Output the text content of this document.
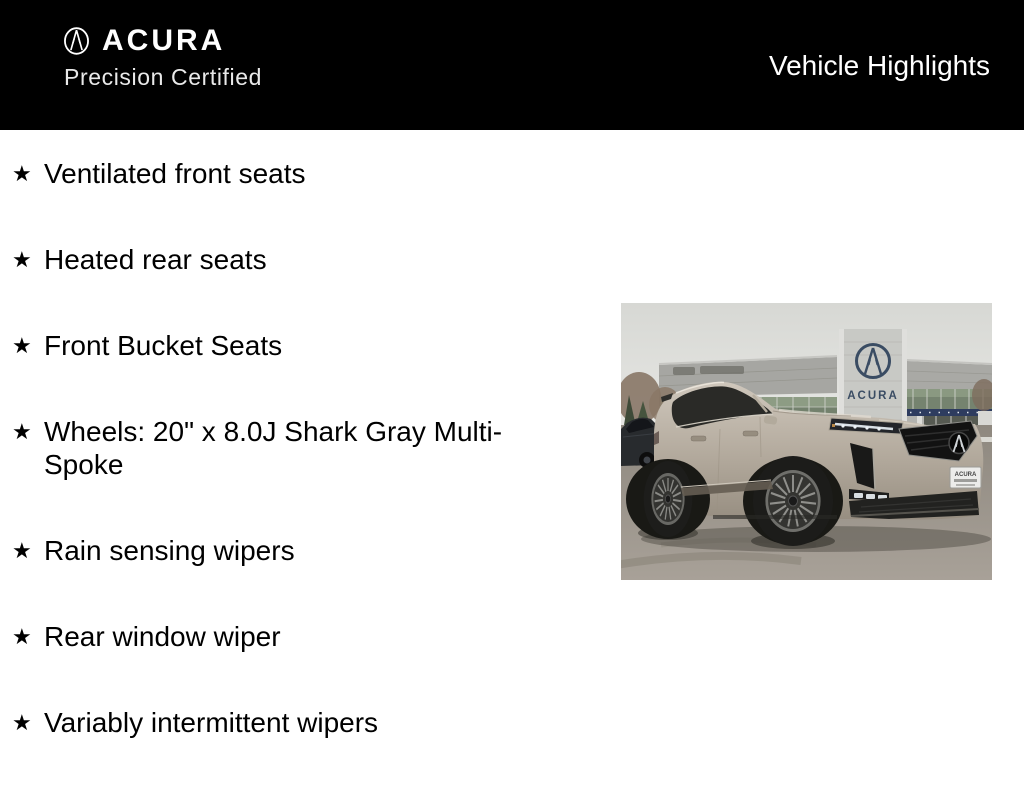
ACURA
Precision Certified	Vehicle Highlights
★ Ventilated front seats
★ Heated rear seats
★ Front Bucket Seats
★ Wheels: 20" x 8.0J Shark Gray Multi-Spoke
★ Rain sensing wipers
★ Rear window wiper
★ Variably intermittent wipers
ACURA
ACURA
